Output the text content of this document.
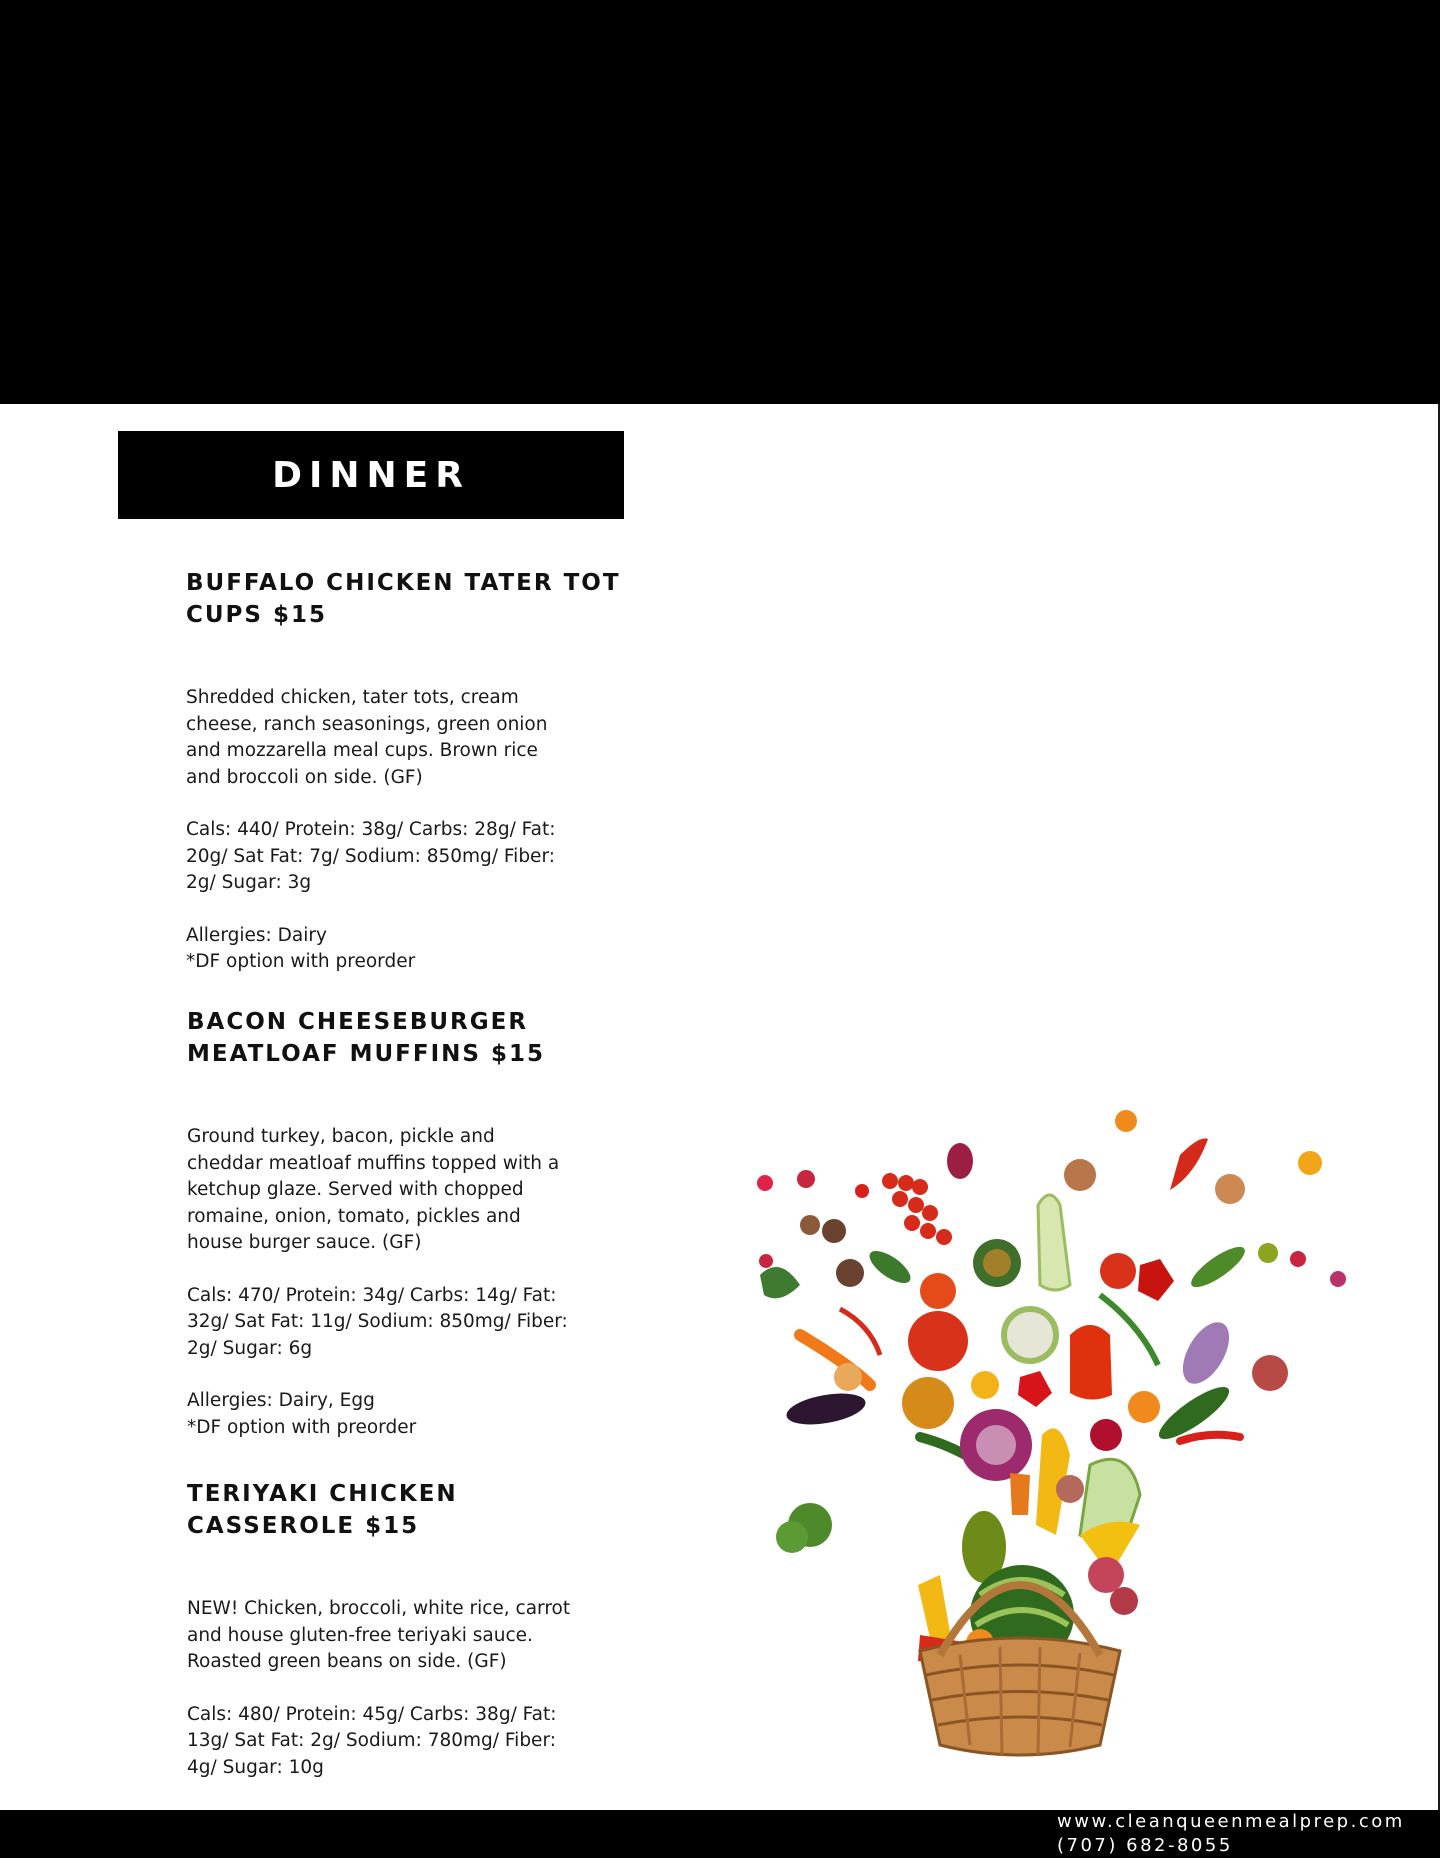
DINNER

BUFFALO CHICKEN TATER TOT
CUPS $15

Shredded chicken, tater tots, cream
cheese, ranch seasonings, green onion
and mozzarella meal cups. Brown rice
and broccoli on side. (GF)

Cals: 440/ Protein: 38g/ Carbs: 28g/ Fat:
20g/ Sat Fat: 7g/ Sodium: 850mg/ Fiber:
2g/ Sugar: 3g

Allergies: Dairy

*DF option with preorder

BACON CHEESEBURGER
MEATLOAF MUFFINS $15

Ground turkey, bacon, pickle and
cheddar meatloaf muffins topped with a
ketchup glaze. Served with chopped
romaine, onion, tomato, pickles and
house burger sauce. (GF)

Cals: 470/ Protein: 34g/ Carbs: 14g/ Fat:
32g/ Sat Fat: 11g/ Sodium: 850mg/ Fiber:
2g/ Sugar: 6g

Allergies: Dairy, Egg

*DF option with preorder

TERIYAKI CHICKEN
CASSEROLE $15

NEW! Chicken, broccoli, white rice, carrot
and house gluten-free teriyaki sauce.
Roasted green beans on side. (GF)

Cals: 480/ Protein: 45g/ Carbs: 38g/ Fat:
13g/ Sat Fat: 2g/ Sodium: 780mg/ Fiber:
4g/ Sugar: 10g

www.cleanqueenmealprep.com
(707) 682-8055
